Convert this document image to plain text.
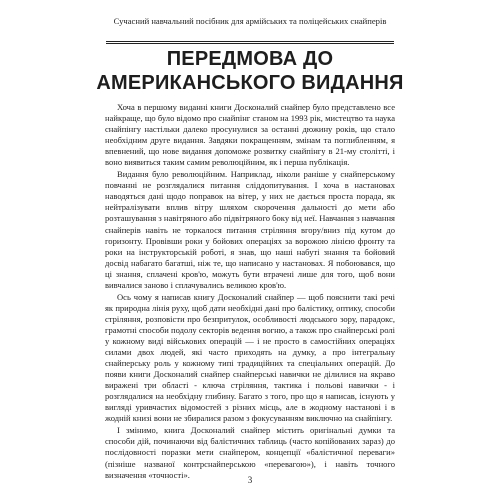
Сучасний навчальний посібник для армійських та поліцейських снайперів
ПЕРЕДМОВА ДО АМЕРИКАНСЬКОГО ВИДАННЯ

Хоча в першому виданні книги Досконалий снайпер було представлено все найкраще, що було відомо про снайпінг станом на 1993 рік, мистецтво та наука снайпінгу настільки далеко просунулися за останні дюжину років, що стало необхідним друге видання. Завдяки покращенням, змінам та поглибленням, я впевнений, що нове видання допоможе розвитку снайпінгу в 21-му столітті, і воно виявиться таким самим революційним, як і перша публікація.

Видання було революційним. Наприклад, ніколи раніше у снайперському повчанні не розглядалися питання сліддопитування. І хоча в настановах наводяться дані щодо поправок на вітер, у них не дається проста порада, як нейтралізувати вплив вітру шляхом скорочення дальності до мети або розташування з навітряного або підвітряного боку від неї. Навчання з навчання снайперів навіть не торкалося питання стріляння вгору/вниз під кутом до горизонту. Провівши роки у бойових операціях за ворожою лінією фронту та роки на інструкторській роботі, я знав, що наші набуті знання та бойовий досвід набагато багатші, ніж те, що написано у настановах. Я побоювався, що ці знання, сплачені кров'ю, можуть бути втрачені лише для того, щоб вони вивчалися заново і сплачувались великою кров'ю.

Ось чому я написав книгу Досконалий снайпер — щоб пояснити такі речі як природна лінія руху, щоб дати необхідні дані про балістику, оптику, способи стріляння, розповісти про безпритулок, особливості людського зору, парадокс, грамотні способи подолу секторів ведення вогню, а також про снайперські ролі у кожному виді військових операцій — і не просто в самостійних операціях силами двох людей, які часто приходять на думку, а про інтегральну снайперську роль у кожному типі традиційних та спеціальних операцій. До появи книги Досконалий снайпер снайперські навички не ділилися на якраво виражені три області - ключа стріляння, тактика і польові навички - і розглядалися на необхідну глибину. Багато з того, про що я написав, існують у вигляді уривчастих відомостей з різних місць, але в жодному настанові і в жодній книзі вони не збиралися разом з фокусуванням виключно на снайпінгу.

І змінимо, книга Досконалий снайпер містить оригінальні думки та способи дій, починаючи від балістичних таблиць (часто копійованих зараз) до послідовності поразки мети снайпером, концепції «балістичної переваги» (пізніше названої контрснайперською «перевагою»), і навіть точного визначення «точності».

3
